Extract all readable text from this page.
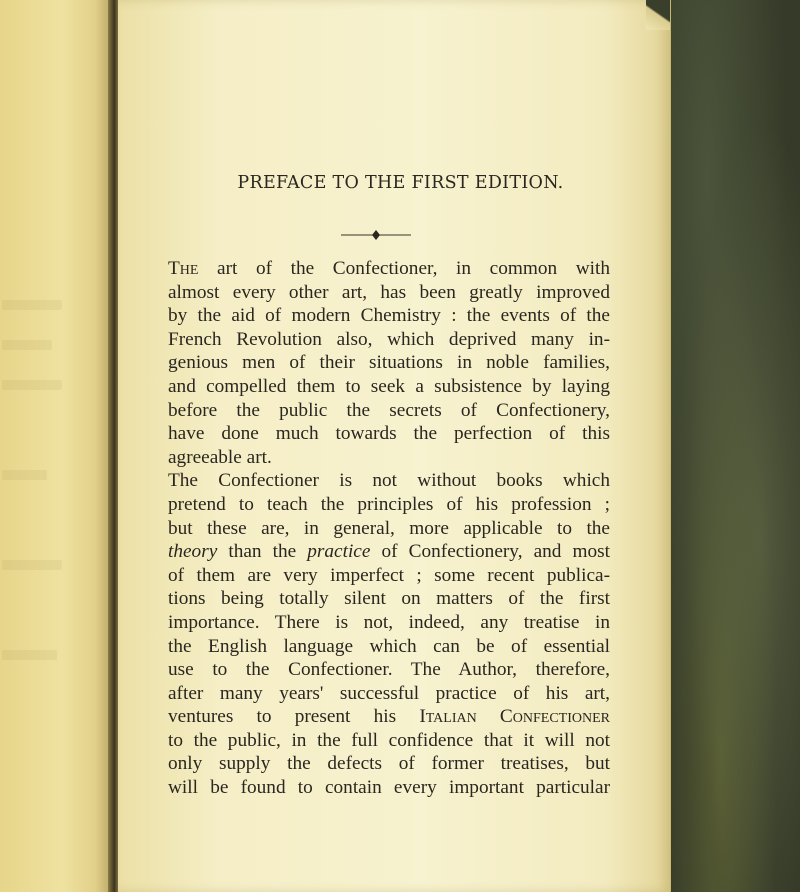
PREFACE TO THE FIRST EDITION.
The art of the Confectioner, in common with
almost every other art, has been greatly improved
by the aid of modern Chemistry : the events of the
French Revolution also, which deprived many in-
genious men of their situations in noble families,
and compelled them to seek a subsistence by laying
before the public the secrets of Confectionery,
have done much towards the perfection of this
agreeable art.
The Confectioner is not without books which
pretend to teach the principles of his profession ;
but these are, in general, more applicable to the
theory than the practice of Confectionery, and most
of them are very imperfect ; some recent publica-
tions being totally silent on matters of the first
importance. There is not, indeed, any treatise in
the English language which can be of essential
use to the Confectioner. The Author, therefore,
after many years' successful practice of his art,
ventures to present his Italian Confectioner
to the public, in the full confidence that it will not
only supply the defects of former treatises, but
will be found to contain every important particular
